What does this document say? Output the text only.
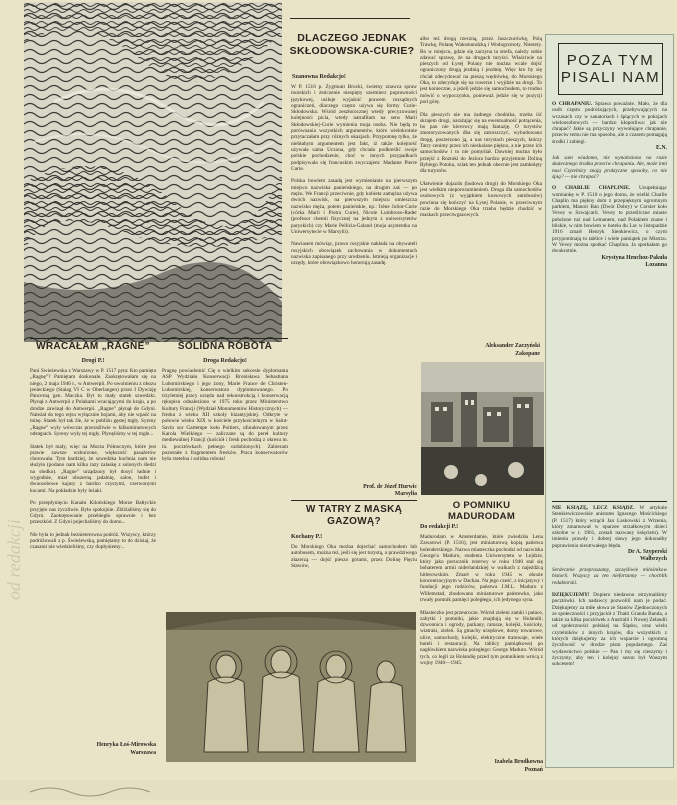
od redakcji

DLACZEGO JEDNAK SKŁODOWSKA-CURIE?

Szanowna Redakcjo!

W P. 1516 p. Zygmunt Brocki, świetny znawca spraw morskich i żeńczenie niespięty szermierz poprawności językowej, usiłuje wyjaśnić prawem rozsądnych ograniczeń, dlaczego często używa się formy Curie-Skłodowska. Wśród zeszłorocznej wtedy precyzowanej kolejności picia, wtedy natrafiłam na sens Marii Skłodowskiej-Curie wymienia moja osoba. Nie będą to porównania wszystkich argumentów, które wielokrotnie przytaczałam przy różnych okazjach. Przypomnę tylko, że niebłahym argumentem jest fakt, iż także kolejność używała sama Uczona, gdy chciała podkreślić swoje polskie pochodzenie, choć w innych przypadkach podpisywała się francuskim zwyczajem: Madame Pierre Curie.

Polska bowiem zasadą jest wymienianie na pierwszym miejscu nazwiska panieńskiego, na drugim zaś — po mężu. We Francji przeciwnie, gdy kobieta zamężna używa dwóch nazwisk, na pierwszym miejscu umieszcza nazwisko męża, potem panieńskie, np.: Irène Joliot-Curie (córka Marii i Piotra Curie), Nicole Lumbroso-Rader (profesor chemii fizycznej na jednym z uniwersytetów paryskich) czy Marie Pellicia-Galand (moja asystentka na Uniwersytecie w Marsylii).

Nawiasem mówiąc, prawo rosyjskie nakłada na obywateli rosyjskich obowiązek zachowania w dokumentach nazwiska zapisanego przy urodzeniu. Istnieją organizacje i urzędy, które obowiązkowo honorują zasadę.

Prof. dr Józef Hurwic

Marsylia

albo też drogą rzeczną, przez Jaszczurówkę, Polą Trawkę, Polanę Waksmundzką i Wodogrzmoty. Niestety. Bo w miejscu, gdzie się zaczyna ta strefa, należy sobie zdawać sprawę, że na drogach turyści. Właściwie na pieszych od Łysej Polany nie można wcale dojść ograniczony drugą jezdnią i jezdnię. Więc kto by się chciał zdecydować na pieszą wędrówkę, do Morskiego Oka, to zdecyduje się na rowerze i wyjdzie na drogi. To jest konieczne, a jeżeli jedzie się samochodem, to trudno mówić o wypoczynku, ponieważ jedzie się w pozycji pod górę.

Dla pieszych nie ma żadnego chodnika, trzeba iść skrajem drogi, narażając się na ewentualność potrącenia, bo pan nie kierowcy mają fantazję. O turystów zmotoryzowanych dba się zatroszczyć, wybudowano drogę, poszerzono ją, a nas turystach pieszych, którzy Tatry cenimy przez ich nieskalane piękno, a nie przez ich samochodów i to nie pomyślał. Dawniej można było przejść z Roztoki do Jeziora bardzo przyjemnie Doliną Rybiego Potoku, szlak ten jednak obecnie jest zamknięty dla turystów.

Ułatwienie dojazdu (budowa drogi) do Morskiego Oka jest wielkim nieporozumieniem. Droga dla samochodów osobowych (z wyjątkiem kursowych autobusów) powinna się kończyć na Łysej Polanie, w przeciwnym razie do Morskiego Oka trzeba będzie chodzić w maskach przeciwgazowych.

Aleksander Zaczyński

Zakopane

WRACAŁAM „RAGNE”

Drogi P.!

Pani Świeżewska z Warszawy w P. 1517 pyta: Kto pamięta „Ragnę”? Pamiętam doskonale. Zaokrętowałam się na niego, 2 maja 1946 r., w Antwerpii. Po uwolnieniu z obozu jenieckiego (Stalag VI C w Oberlangen) przez I Dywizję Pancerną gen. Maczka. Byt to mały statek szwedzki. Płynął z Antwerpii z Polakami wracającymi do kraju, a po drodze zawinął do Antwerpii. „Ragne” płynął do Gdyni. Należał do tego rejsu wyłącznie bojami, aby nie wpaść na minę. Statek był tak źle, że w pobliżu gęstej mgły. Syreny „Ragne” wyły wówczas przeraźliwie w kilkuminutowych odstępach. Syreny wyły tej mgły. Płynęliśmy w tej mgle...

Statek był mały, więc na Morzu Północnym, które jest prawie zawsze wzburzone, większość pasażerów chorowała. Tym bardziej, że szwedzka kuchnia nam nie służyła (podano nam kilka razy zalaskę z solonych śledzi na słodko). „Ragne” urządzony był dosyć ładnie i wygodnie, miał obszerną jadalnię, salon, bufet i dwuosobowe kajuty z bardzo czystymi, czerwonymi kocami. Na pokładzie były leżaki.

Po przepłynięciu Kanału Kilońskiego Morze Bałtyckie przyjęło nas życzliwie. Było spokojnie. Zbliżaliśmy się do Gdyni. Zaokrętowanie przebiegło sprawnie i bez przeszkód. Z Gdyni pojechaliśmy do domu...

Nie była to jednak beznieterowna podróż. Wszyscy, którzy podróżowali z p. Świeżewską, pamiętamy to do dzisiaj, że czasami nie wiedzieliśmy, czy dopłyniemy...

Henryka Łoś-Mirowska

Warszawa

SOLIDNA ROBOTA

Droga Redakcjo!

Pragnę powiadomić Cię o wielkim sukcesie dyplomanta ASP Wydziału Konserwacji Bronisława Sebastiana Lubomirskiego i jego żony, Marie France de Christen-Lubomirskiej, konserwatora dyplomowanego. Po trzyletniej pracy urzędu nad rekonstrukcją i konserwacją rękopisu odnaleziono w 1975 roku przez Ministerstwo Kultury Francji (Wydział Monumentów Historycznych) — fresku z wieku XII szkoły bizantyjskiej. Odkryte w połowie wieku XIX w kościele przykościelnym w Saint-Savin sur Gartempe koło Poitiers, ufundowanym przez Karola Wielkiego — zaliczane są do pereł kultury mediewalnej Francji (kościół i fresk pochodzą z okresu m. in. pocztówkach pełnego ozdobionych). Zabieram pozostałe z fragmentem fresków. Praca konserwatorów była rzetelna i solidna robota!

W TATRY Z MASKĄ GAZOWĄ?

Kochany P.!

Do Morskiego Oka można dojechać samochodem lub autobusem, można też, jeśli się jest turystą, a prawdziwego złazerzą — dojść pieszo górami, przez Dolinę Pięciu Stawów,

O POMNIKU MADURODAM

Do redakcji P.!

Madurodam w Amsterdamie, które zwiedziła Lena Zawarowi (P. 1516), jest miniaturową kopią państwa holenderskiego. Nazwa miasteczka pochodzi od nazwiska George'a Maduro, studenta Uniwersytetu w Lejdzie, który jako porucznik rezerwy w roku 1940 stał się bohaterem armii niderlandzkiej w walkach z najeźdźcą hitlerowskim. Zmarł w roku 1945 w obozie koncentracyjnym w Dachau. Na jego cześć, z inicjatywy i fundacji jego rodziców, państwa J.M.L. Maduro z Willemstad, zbudowano miniaturowe państewko, jako trwały pomnik pamięci poległego, ich jedynego syna.

Miasteczko jest przeurocze. Wśród zieleni zamki i pałace, zabytki i pomniki, jakie znajdują się w Holandii; dzwonnica i ogrody, parkany, ratusze, kolejki, kościoły, wiatraki, zieleń. Są gmachy urzędowe, domy towarowe, ulice, samochody, kolejki, elektryczne tramwaje, wiele hoteli i restauracji. Na tablicy pamiątkowej po nagłówkiem nazwiska poległego: George Maduro. Wśród tych, co legli za Holandię przed tym pomnikiem wrócą z wojny 1940—1945.

Izabela Brodkowna

Poznań

POZA TYM

PISALI NAM

O CHRAPANIU. Sprawa poważnie. Mało, że dla osób często podróżujących, przebywających na wczasach czy w sanatoriach i śpiących w pokojach wieloosobowych — bardzo kłopotliwa: jak nie chrapać? Jakie są przyczyny wywołujące chrapanie, przeciw temu nie ma sposobu, ale z czasem pomagają środki i zabiegi.

E.N.

Jak sam wiadomo, nie wynaleziono na razie skutecznego środka przeciw chrapaniu. Ale, może inni nasi Czytelnicy znają praktyczne sposoby, co nie śpią? — nie chrapać?

O CHARLIE CHAPLINIE. Uzupełniając wzmiankę w P. 1510 o jego domu, że wielki Charlie Chaplin ma piękny dom z przepięknym ogromnym parkiem, Manoir Ban (Dwór Dobry) w Corsier koło Vevey w Szwajcarii. Vevey to prześliczne miasto położone tuż nad Lemanem, nad Polakiem znane i bliskie, w nim bowiem w hotelu du Lac w listopadzie 1916 zmarł Henryk Sienkiewicz, o czym przypominają tu tablice i wiele pamiątek po Mistrzu. W Vevey można spotkać Chaplina. Ja spotkałam go dwukrotnie.

Krystyna Henchoz-Pakuła

Lozanna

NIE KSIĄŻĘ, LECZ KSIĄDZ. W artykule Stenkiewiczowskie anistutes Ignacego Mościckiego (P. 1517) który wtrącił Jan Laskowski z Wrzenia, który zmarnował w oparzee strzałkowym dzieci szkolne w r. 1961, zostali nazwany księciem). W imieniu prawdy i dobrej sławy jego dokonałby poprawienia nieutrwałego błędu.

Dr A. Szyperski

Wałbrzych

Serdecznie przepraszamy, szczęśliwie milośnikow historii. Wszyscy za ten niefortunny — chochlik redaktorski.

DZIĘKUJEMY! Dopiero niedawno otrzymaliśmy pocztówki. Ich nadawcy pozwolili nam je podać. Dziękujemy za miłe słowa ze Stanów Zjednoczonych ze społeczności i przyjaciół z Thaiti Granda Banda, a także za kilka pocztówek z Australii i Nowej Zelandii od społeczności polskiej na Śląsku, oraz wielu czytelników z innych krajów, dla wszystkich z których dziękujemy za ich wsparcie i ogromną życzliwość w drodze pism popularnego. Zaś wydawnictwo polskie — Pan i my się cieszymy i życzymy, aby ten i kolejny sezon był Waszym sukcesem!
